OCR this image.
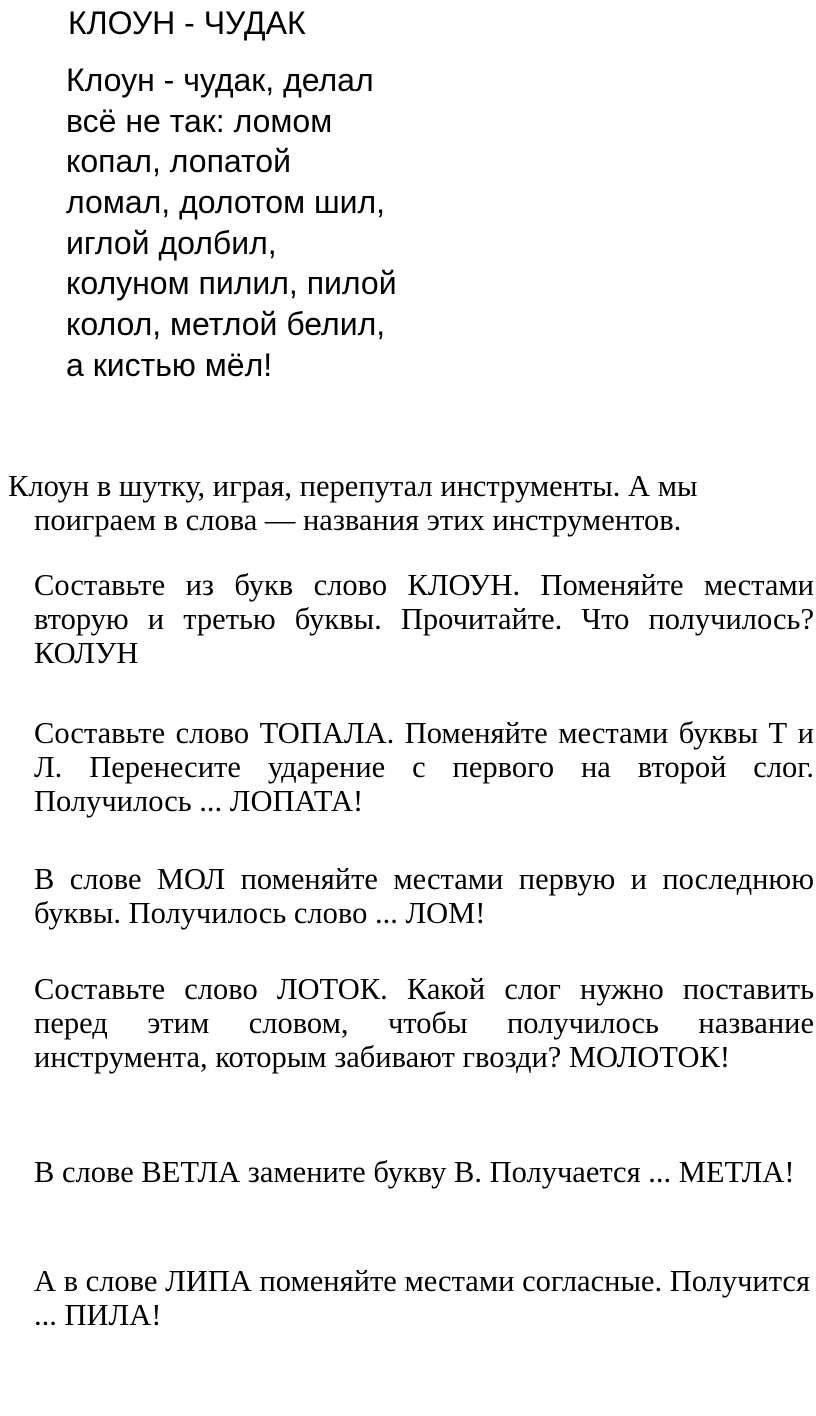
КЛОУН - ЧУДАК
Клоун - чудак, делал
всё не так: ломом
копал, лопатой
ломал, долотом шил,
иглой долбил,
колуном пилил, пилой
колол, метлой белил,
а кистью мёл!
Клоун в шутку, играя, перепутал инструменты. А мы поиграем в слова — названия этих инструментов.
Составьте из букв слово КЛОУН. Поменяйте местами вторую и третью буквы. Прочитайте. Что получилось? КОЛУН
Составьте слово ТОПАЛА. Поменяйте местами буквы Т и Л. Перенесите ударение с первого на второй слог. Получилось ... ЛОПАТА!
В слове МОЛ поменяйте местами первую и последнюю буквы. Получилось слово ... ЛОМ!
Составьте слово ЛОТОК. Какой слог нужно поставить перед этим словом, чтобы получилось название инструмента, которым забивают гвозди? МОЛОТОК!
В слове ВЕТЛА замените букву В. Получается ... МЕТЛА!
А в слове ЛИПА поменяйте местами согласные. Получится ... ПИЛА!
